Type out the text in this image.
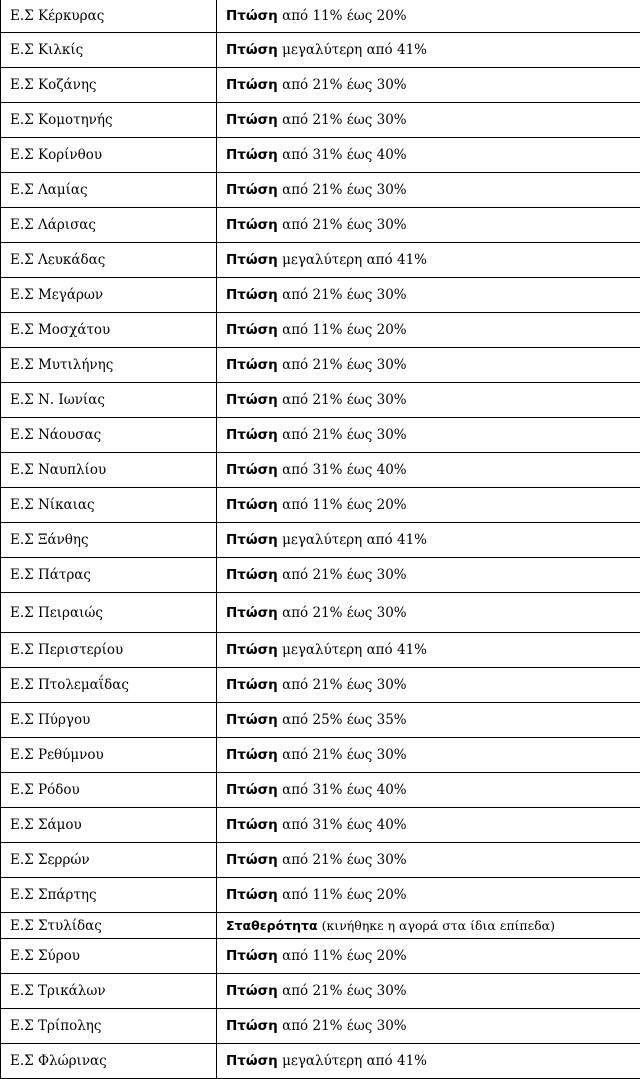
Ε.Σ Κέρκυρας	Πτώση από 11% έως 20%
Ε.Σ Κιλκίς	Πτώση μεγαλύτερη από 41%
Ε.Σ Κοζάνης	Πτώση από 21% έως 30%
Ε.Σ Κομοτηνής	Πτώση από 21% έως 30%
Ε.Σ Κορίνθου	Πτώση από 31% έως 40%
Ε.Σ Λαμίας	Πτώση από 21% έως 30%
Ε.Σ Λάρισας	Πτώση από 21% έως 30%
Ε.Σ Λευκάδας	Πτώση μεγαλύτερη από 41%
Ε.Σ Μεγάρων	Πτώση από 21% έως 30%
Ε.Σ Μοσχάτου	Πτώση από 11% έως 20%
Ε.Σ Μυτιλήνης	Πτώση από 21% έως 30%
Ε.Σ Ν. Ιωνίας	Πτώση από 21% έως 30%
Ε.Σ Νάουσας	Πτώση από 21% έως 30%
Ε.Σ Ναυπλίου	Πτώση από 31% έως 40%
Ε.Σ Νίκαιας	Πτώση από 11% έως 20%
Ε.Σ Ξάνθης	Πτώση μεγαλύτερη από 41%
Ε.Σ Πάτρας	Πτώση από 21% έως 30%
Ε.Σ Πειραιώς	Πτώση από 21% έως 30%
Ε.Σ Περιστερίου	Πτώση μεγαλύτερη από 41%
Ε.Σ Πτολεμαΐδας	Πτώση από 21% έως 30%
Ε.Σ Πύργου	Πτώση από 25% έως 35%
Ε.Σ Ρεθύμνου	Πτώση από 21% έως 30%
Ε.Σ Ρόδου	Πτώση από 31% έως 40%
Ε.Σ Σάμου	Πτώση από 31% έως 40%
Ε.Σ Σερρών	Πτώση από 21% έως 30%
Ε.Σ Σπάρτης	Πτώση από 11% έως 20%
Ε.Σ Στυλίδας	Σταθερότητα (κινήθηκε η αγορά στα ίδια επίπεδα)
Ε.Σ Σύρου	Πτώση από 11% έως 20%
Ε.Σ Τρικάλων	Πτώση από 21% έως 30%
Ε.Σ Τρίπολης	Πτώση από 21% έως 30%
Ε.Σ Φλώρινας	Πτώση μεγαλύτερη από 41%
